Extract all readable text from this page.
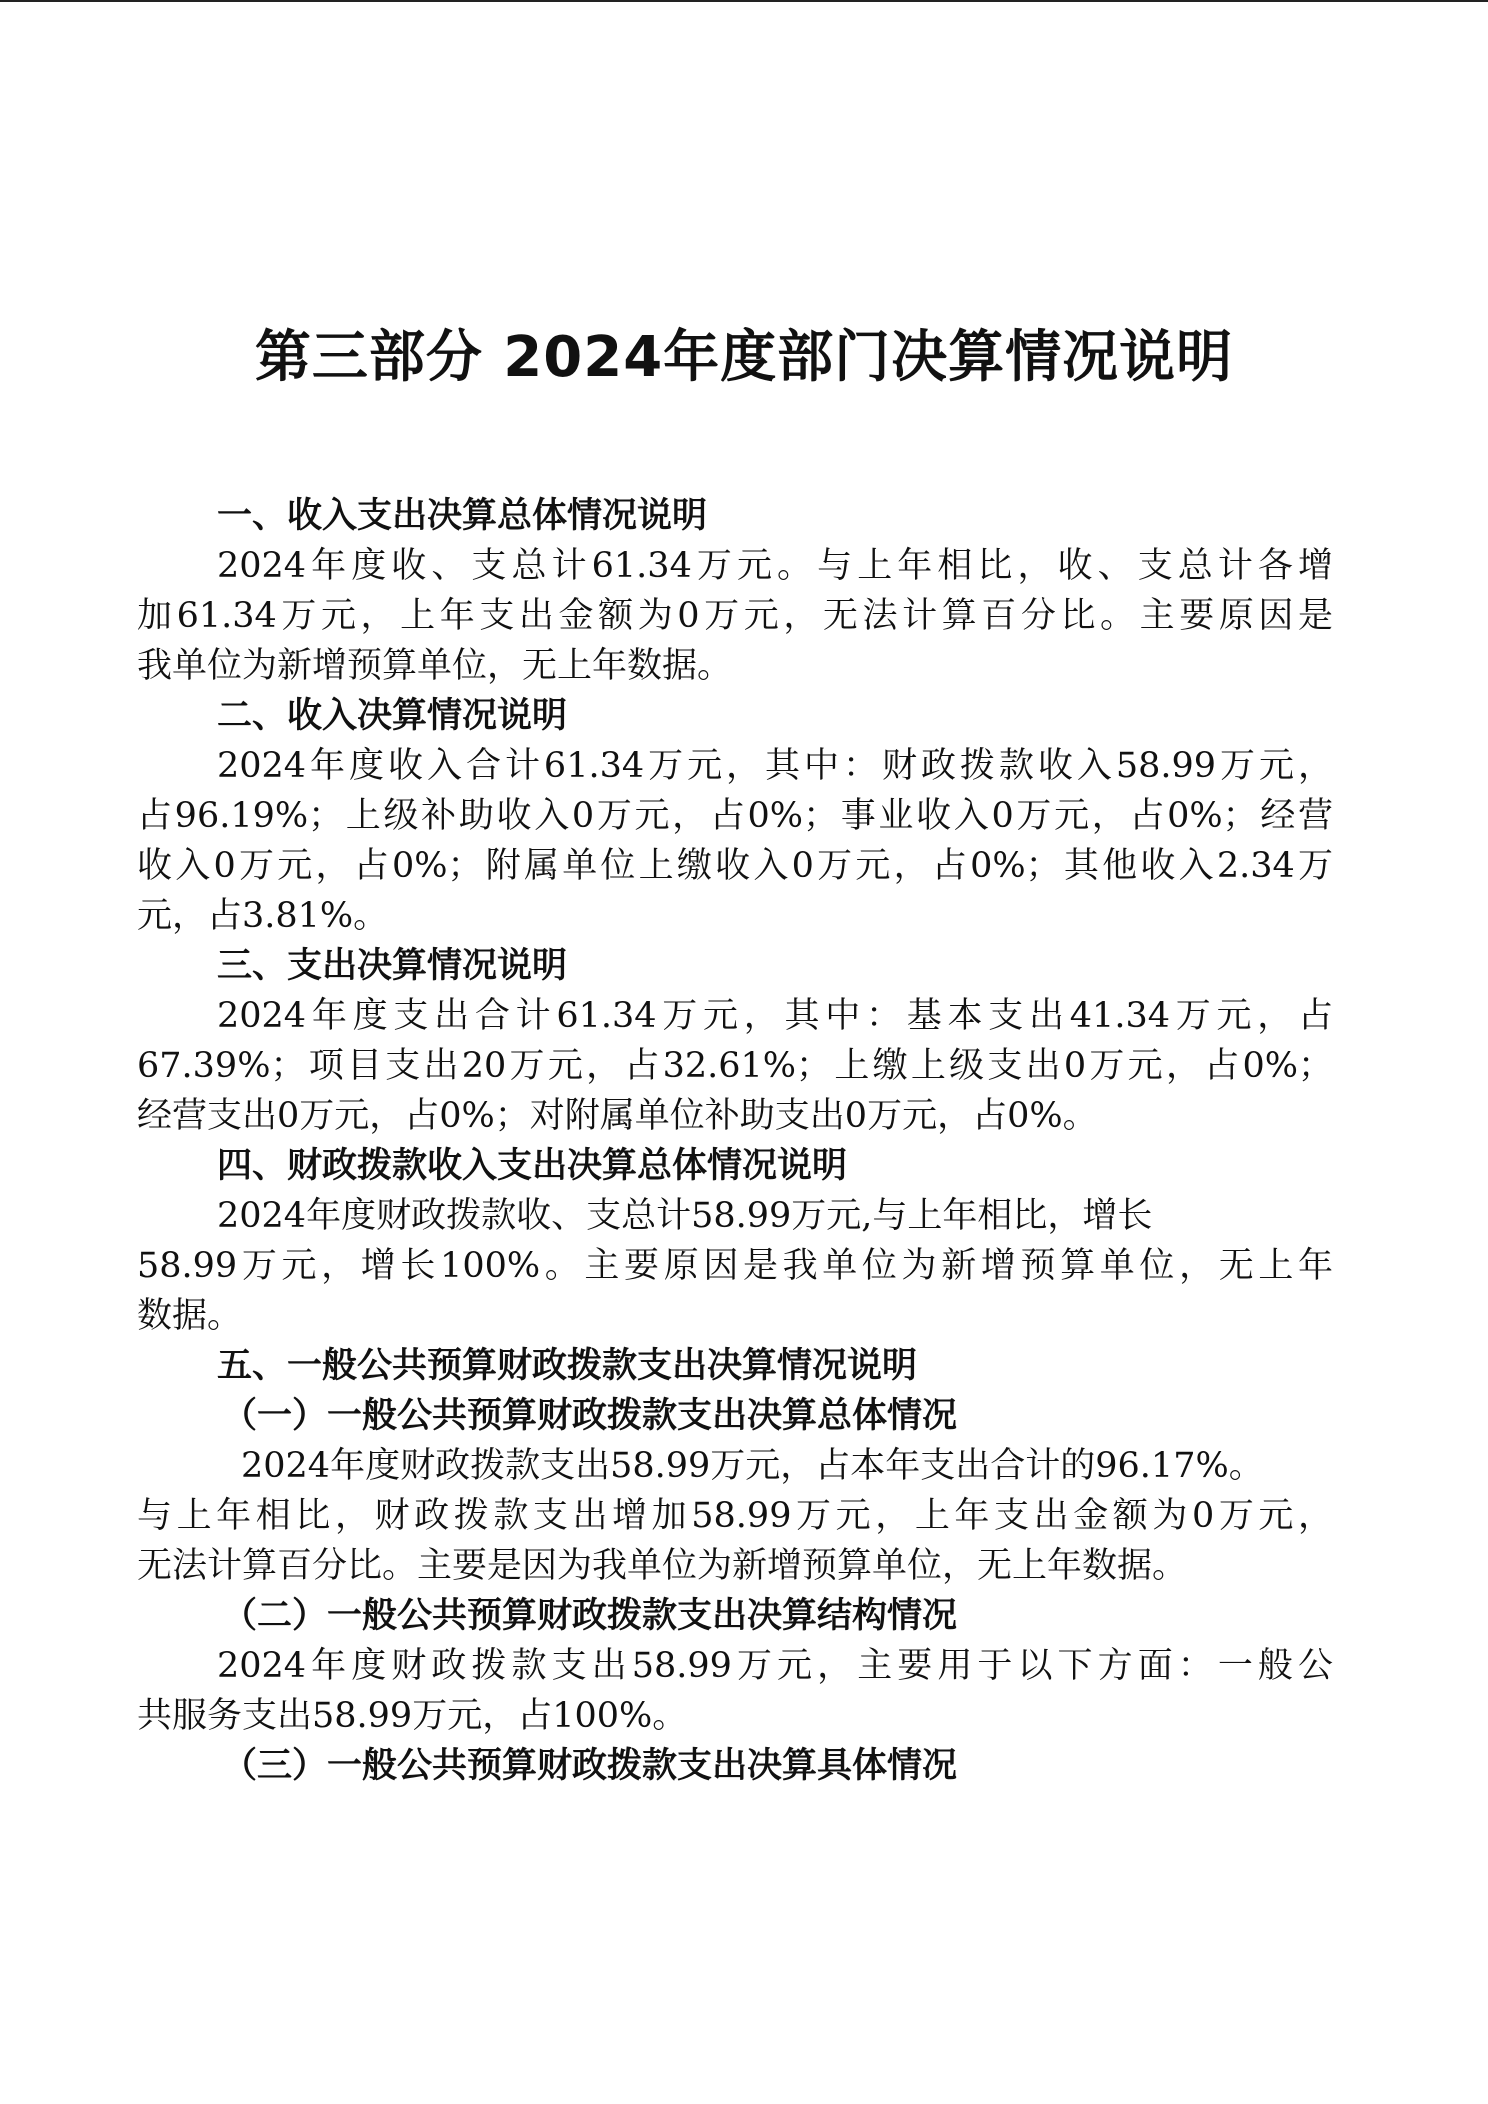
第三部分 2024年度部门决算情况说明
一、收入支出决算总体情况说明
2024年度收、支总计61.34万元。与上年相比，收、支总计各增
加61.34万元，上年支出金额为0万元，无法计算百分比。主要原因是
我单位为新增预算单位，无上年数据。
二、收入决算情况说明
2024年度收入合计61.34万元，其中：财政拨款收入58.99万元，
占96.19%；上级补助收入0万元，占0%；事业收入0万元，占0%；经营
收入0万元，占0%；附属单位上缴收入0万元，占0%；其他收入2.34万
元，占3.81%。
三、支出决算情况说明
2024年度支出合计61.34万元，其中：基本支出41.34万元，占
67.39%；项目支出20万元，占32.61%；上缴上级支出0万元，占0%；
经营支出0万元，占0%；对附属单位补助支出0万元，占0%。
四、财政拨款收入支出决算总体情况说明
2024年度财政拨款收、支总计58.99万元,与上年相比，增长
58.99万元，增长100%。主要原因是我单位为新增预算单位，无上年
数据。
五、一般公共预算财政拨款支出决算情况说明
（一）一般公共预算财政拨款支出决算总体情况
2024年度财政拨款支出58.99万元，占本年支出合计的96.17%。
与上年相比，财政拨款支出增加58.99万元，上年支出金额为0万元，
无法计算百分比。主要是因为我单位为新增预算单位，无上年数据。
（二）一般公共预算财政拨款支出决算结构情况
2024年度财政拨款支出58.99万元，主要用于以下方面：一般公
共服务支出58.99万元，占100%。
（三）一般公共预算财政拨款支出决算具体情况
